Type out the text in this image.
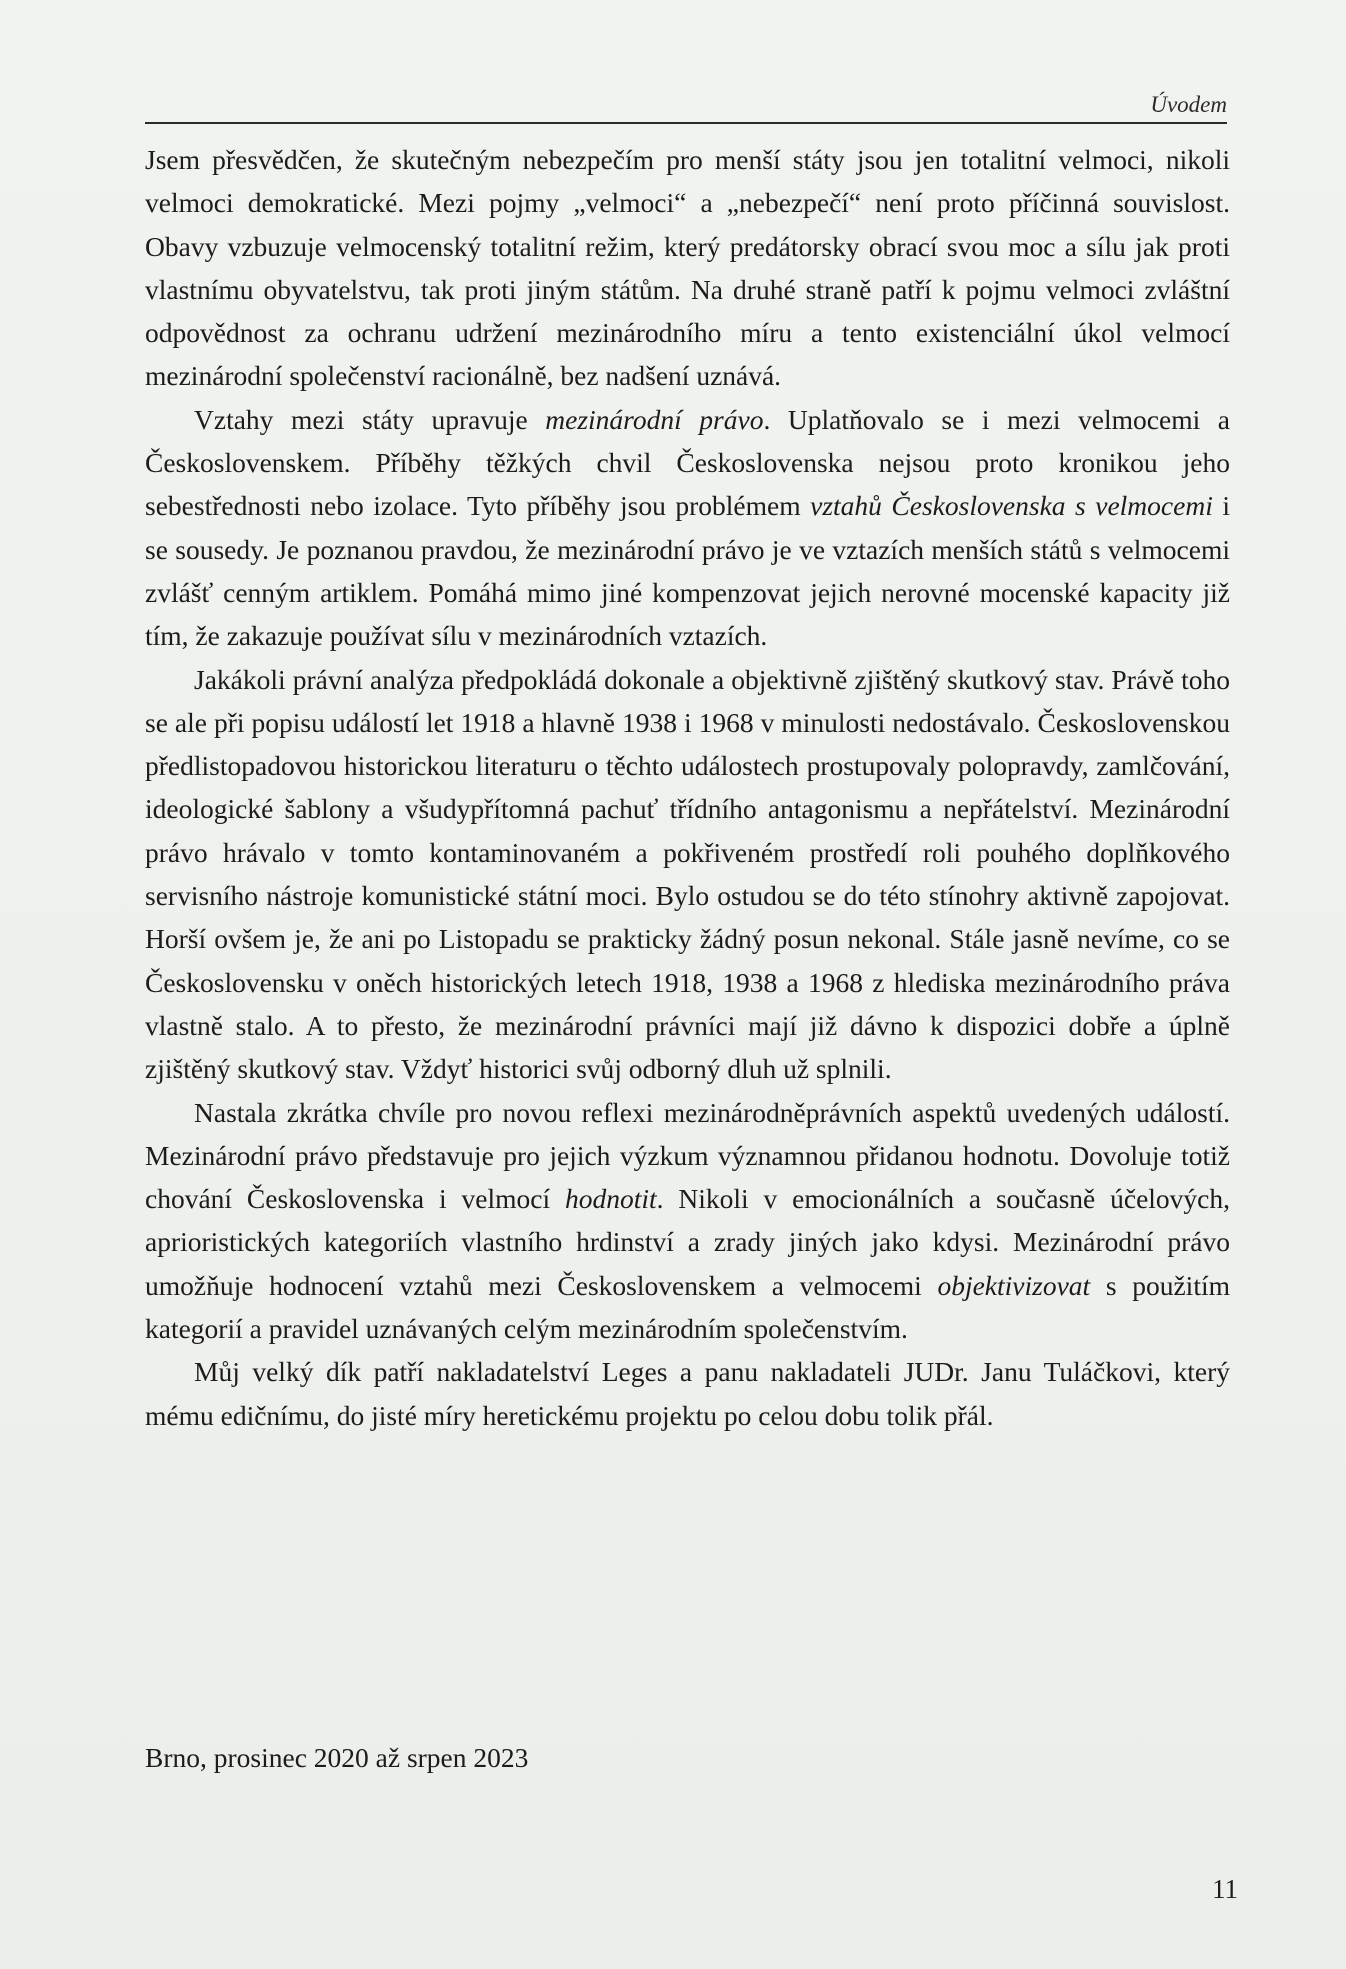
Úvodem

Jsem přesvědčen, že skutečným nebezpečím pro menší státy jsou jen totalitní velmoci, nikoli velmoci demokratické. Mezi pojmy „velmoci“ a „nebezpečí“ není proto příčinná souvislost. Obavy vzbuzuje velmocenský totalitní režim, který predátorsky obrací svou moc a sílu jak proti vlastnímu obyvatelstvu, tak proti jiným státům. Na druhé straně patří k pojmu velmoci zvláštní odpovědnost za ochranu udržení mezinárodního míru a tento existenciální úkol velmocí mezinárodní společenství racionálně, bez nadšení uznává.

Vztahy mezi státy upravuje mezinárodní právo. Uplatňovalo se i mezi velmocemi a Československem. Příběhy těžkých chvil Československa nejsou proto kronikou jeho sebestřednosti nebo izolace. Tyto příběhy jsou problémem vztahů Československa s velmocemi i se sousedy. Je poznanou pravdou, že mezinárodní právo je ve vztazích menších států s velmocemi zvlášť cenným artiklem. Pomáhá mimo jiné kompenzovat jejich nerovné mocenské kapacity již tím, že zakazuje používat sílu v mezinárodních vztazích.

Jakákoli právní analýza předpokládá dokonale a objektivně zjištěný skutkový stav. Právě toho se ale při popisu událostí let 1918 a hlavně 1938 i 1968 v minulosti nedostávalo. Československou předlistopadovou historickou literaturu o těchto událostech prostupovaly polopravdy, zamlčování, ideologické šablony a všudypřítomná pachuť třídního antagonismu a nepřátelství. Mezinárodní právo hrávalo v tomto kontaminovaném a pokřiveném prostředí roli pouhého doplňkového servisního nástroje komunistické státní moci. Bylo ostudou se do této stínohry aktivně zapojovat. Horší ovšem je, že ani po Listopadu se prakticky žádný posun nekonal. Stále jasně nevíme, co se Československu v oněch historických letech 1918, 1938 a 1968 z hlediska mezinárodního práva vlastně stalo. A to přesto, že mezinárodní právníci mají již dávno k dispozici dobře a úplně zjištěný skutkový stav. Vždyť historici svůj odborný dluh už splnili.

Nastala zkrátka chvíle pro novou reflexi mezinárodněprávních aspektů uvedených událostí. Mezinárodní právo představuje pro jejich výzkum významnou přidanou hodnotu. Dovoluje totiž chování Československa i velmocí hodnotit. Nikoli v emocionálních a současně účelových, aprioristických kategoriích vlastního hrdinství a zrady jiných jako kdysi. Mezinárodní právo umožňuje hodnocení vztahů mezi Československem a velmocemi objektivizovat s použitím kategorií a pravidel uznávaných celým mezinárodním společenstvím.

Můj velký dík patří nakladatelství Leges a panu nakladateli JUDr. Janu Tuláčkovi, který mému edičnímu, do jisté míry heretickému projektu po celou dobu tolik přál.

Brno, prosinec 2020 až srpen 2023
11
